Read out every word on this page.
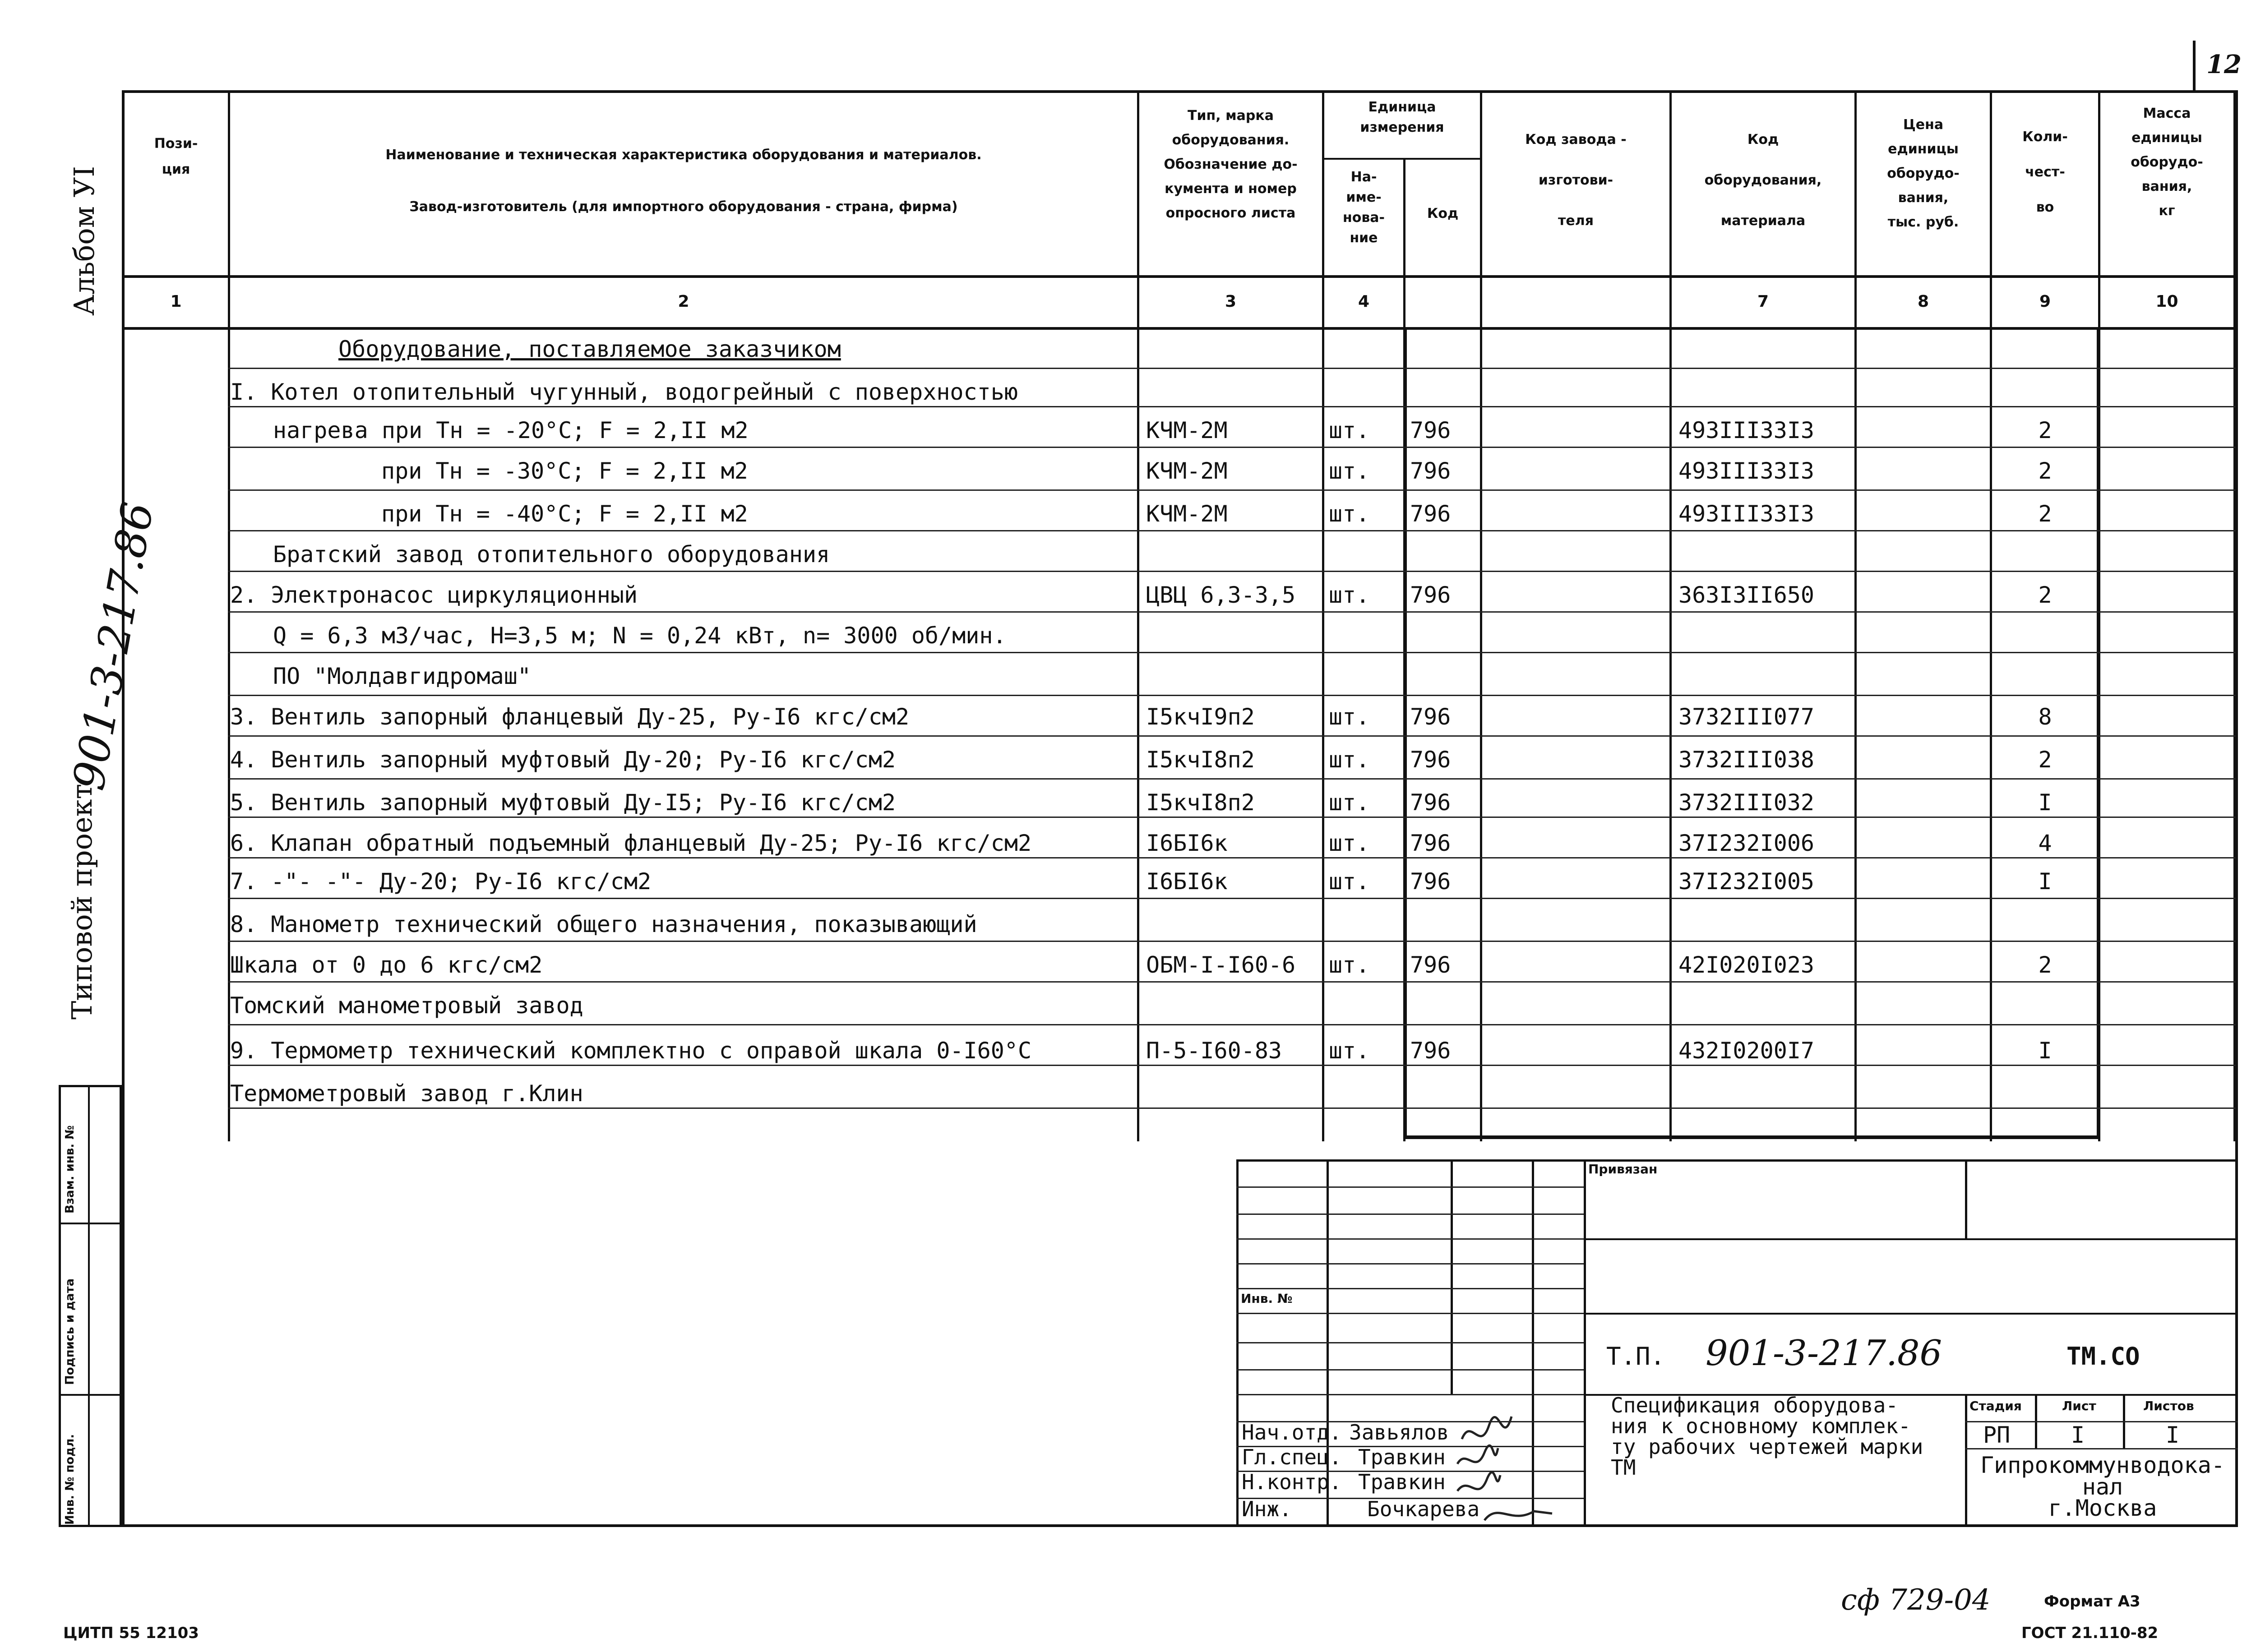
12
Альбом УI
901-3-217.86
Типовой проект
Взам. инв. №
Подпись и дата
Инв. № подл.
Пози-
ция
Наименование и техническая характеристика оборудования и материалов.
Завод-изготовитель (для импортного оборудования - страна, фирма)
Тип, марка
оборудования.
Обозначение до-
кумента и номер
опросного листа
Единица
измерения
На-
име-
нова-
ние
Код
Код завода -
изготови-
теля
Код
оборудования,
материала
Цена
единицы
оборудо-
вания,
тыс. руб.
Коли-
чест-
во
Масса
единицы
оборудо-
вания,
кг
1	2	3	4	7	8	9	10
Оборудование, поставляемое заказчиком
I. Котел отопительный чугунный, водогрейный с поверхностью
нагрева при Тн = -20°С; F = 2,II м2	КЧМ-2М	шт. 796	493III33I3	2
при Тн = -30°С; F = 2,II м2	КЧМ-2М	шт. 796	493III33I3	2
при Тн = -40°С; F = 2,II м2	КЧМ-2М	шт. 796	493III33I3	2
Братский завод отопительного оборудования
2. Электронасос циркуляционный	ЦВЦ 6,3-3,5 шт. 796	363I3II650	2
Q = 6,3 м3/час, Н=3,5 м; N = 0,24 кВт, n= 3000 об/мин.
ПО "Молдавгидромаш"
3. Вентиль запорный фланцевый Ду-25, Ру-I6 кгс/см2	I5кчI9п2	шт. 796	3732III077	8
4. Вентиль запорный муфтовый Ду-20; Ру-I6 кгс/см2	I5кчI8п2	шт. 796	3732III038	2
5. Вентиль запорный муфтовый Ду-I5; Ру-I6 кгс/см2	I5кчI8п2	шт. 796	3732III032	I
6. Клапан обратный подъемный фланцевый Ду-25; Ру-I6 кгс/см2	I6БI6к	шт. 796	37I232I006	4
7. -"- -"- Ду-20; Ру-I6 кгс/см2	I6БI6к	шт. 796	37I232I005	I
8. Манометр технический общего назначения, показывающий
Шкала от 0 до 6 кгс/см2	ОБМ-I-I60-6 шт. 796	42I020I023	2
Томский манометровый завод
9. Термометр технический комплектно с оправой шкала 0-I60°С	П-5-I60-83 шт. 796	432I0200I7	I
Термометровый завод г.Клин
Привязан
Инв. №
Т.П. 901-3-217.86	ТМ.СО
Спецификация оборудова-
ния к основному комплек-
ту рабочих чертежей марки
ТМ
Стадия	Лист	Листов
РП	I	I
Гипрокоммунводока-
нал
г.Москва
Нач.отд. Завьялов
Гл.спец. Травкин
Н.контр. Травкин
Инж.	Бочкарева
ЦИТП 55 12103
сф 729-04	Формат А3
ГОСТ 21.110-82
